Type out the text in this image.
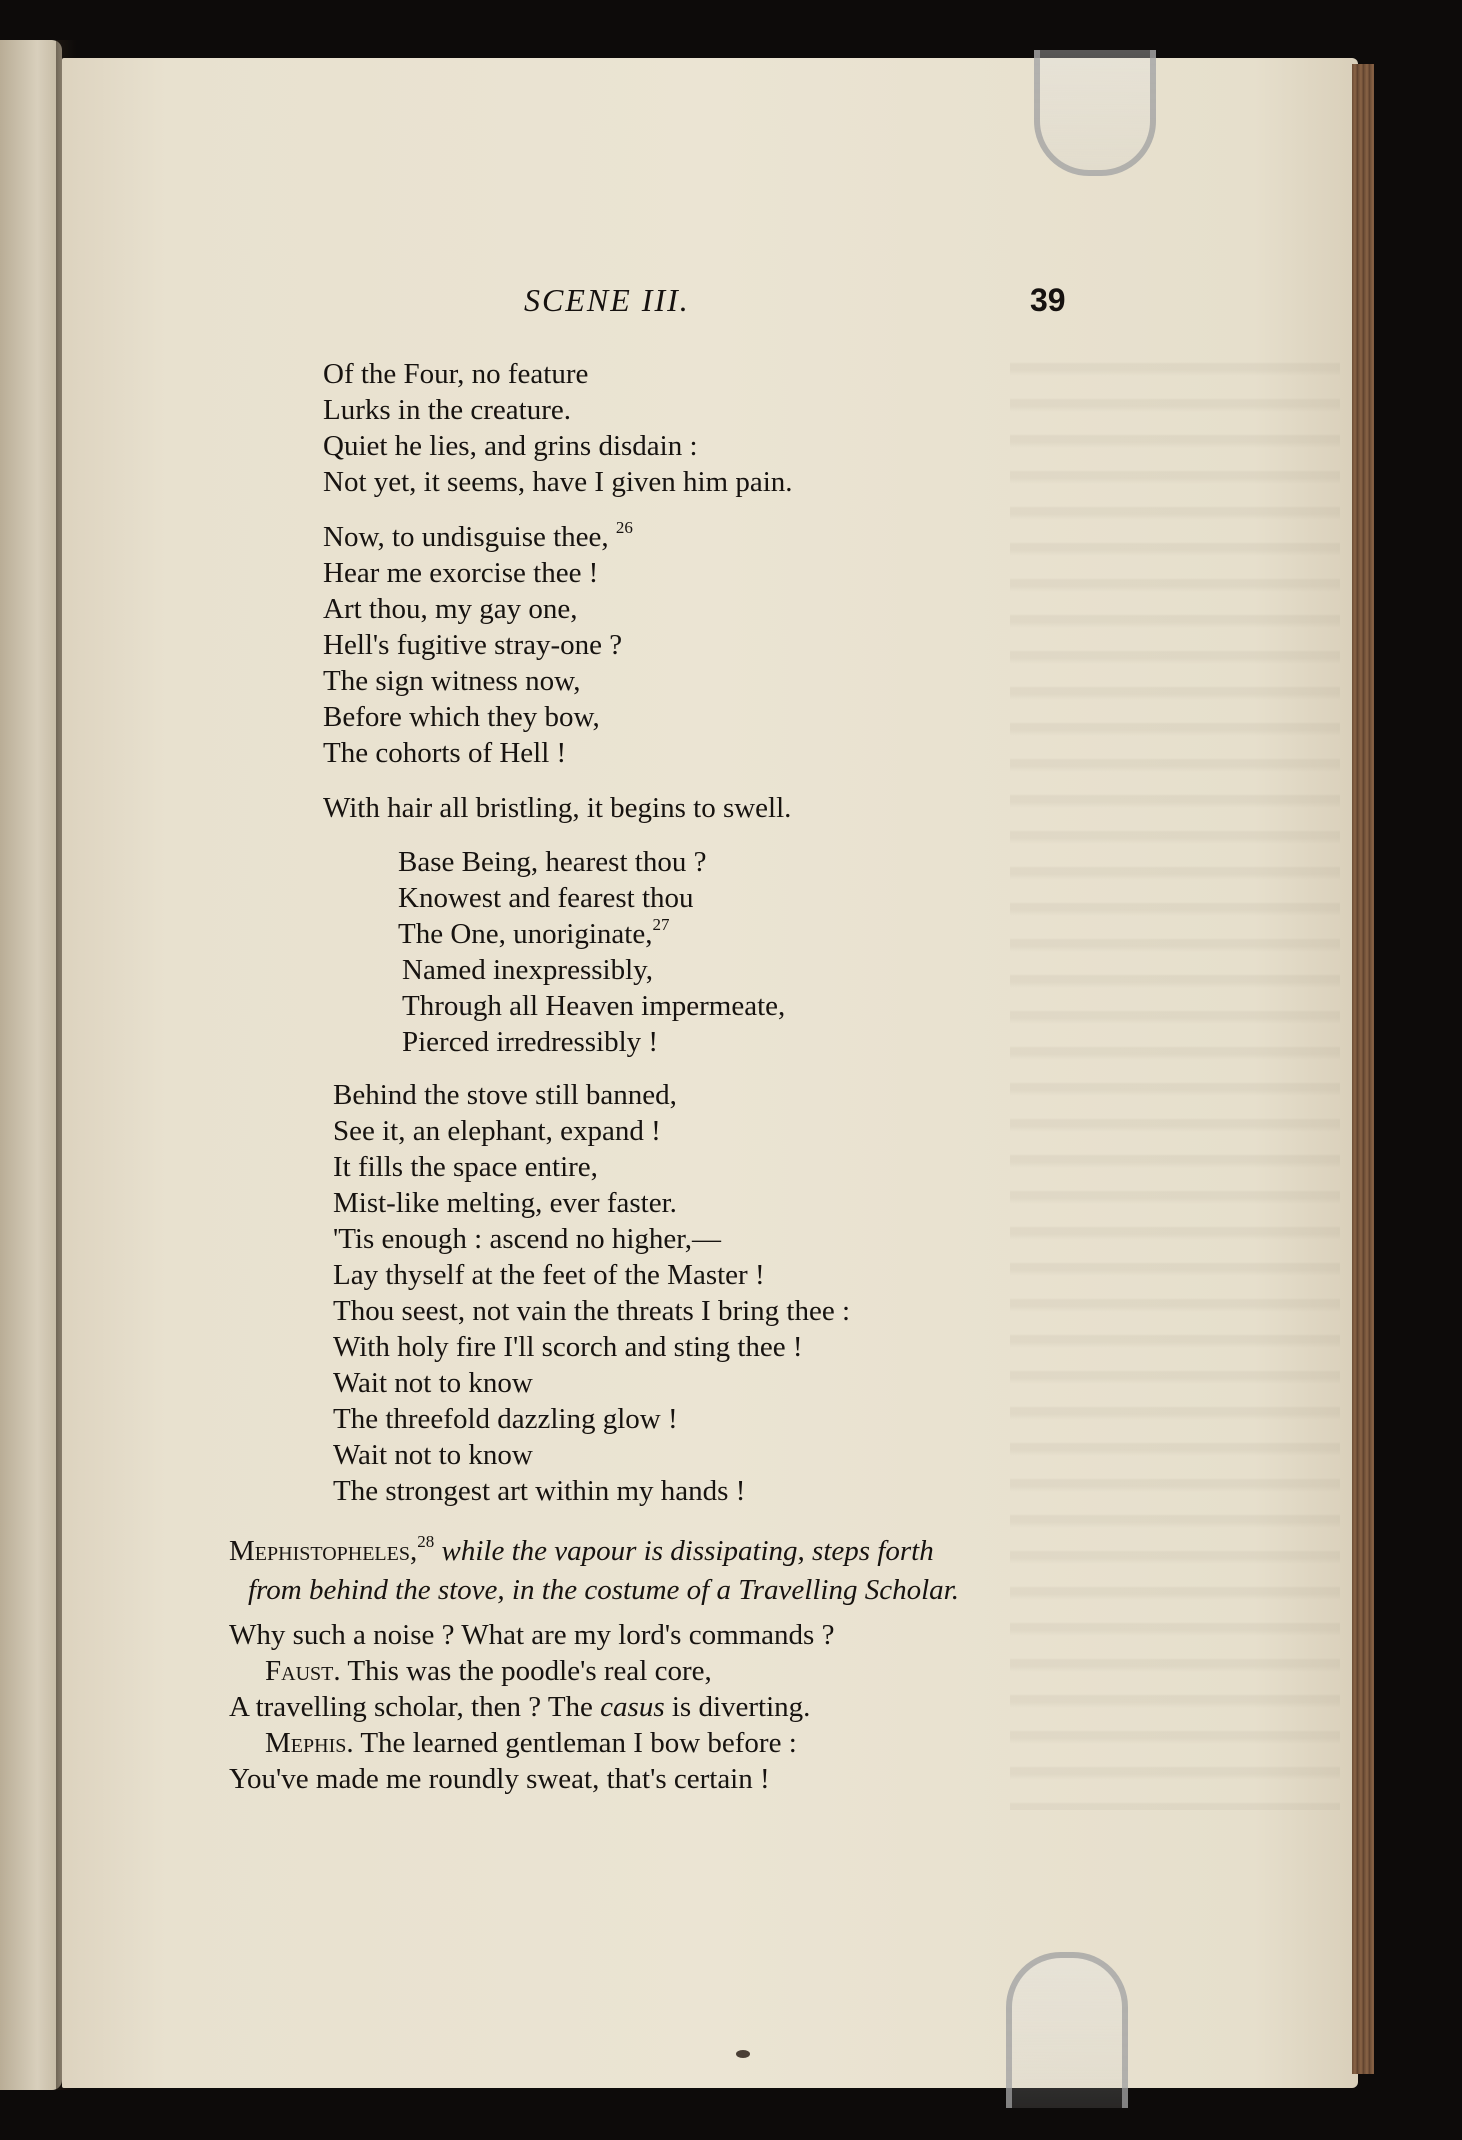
SCENE III.	39
Of the Four, no feature
Lurks in the creature.
Quiet he lies, and grins disdain :
Not yet, it seems, have I given him pain.
Now, to undisguise thee, $^{26}$
Hear me exorcise thee !
Art thou, my gay one,
Hell's fugitive stray-one ?
The sign witness now,
Before which they bow,
The cohorts of Hell !
With hair all bristling, it begins to swell.
Base Being, hearest thou ?
Knowest and fearest thou
The One, unoriginate,$^{27}$
Named inexpressibly,
Through all Heaven impermeate,
Pierced irredressibly !
Behind the stove still banned,
See it, an elephant, expand !
It fills the space entire,
Mist-like melting, ever faster.
'Tis enough : ascend no higher,—
Lay thyself at the feet of the Master !
Thou seest, not vain the threats I bring thee :
With holy fire I'll scorch and sting thee !
Wait not to know
The threefold dazzling glow !
Wait not to know
The strongest art within my hands !
Mephistopheles,$^{28}$ while the vapour is dissipating, steps forth
from behind the stove, in the costume of a Travelling Scholar.
Why such a noise ? What are my lord's commands ?
Faust. This was the poodle's real core,
A travelling scholar, then ? The casus is diverting.
Mephis. The learned gentleman I bow before :
You've made me roundly sweat, that's certain !
